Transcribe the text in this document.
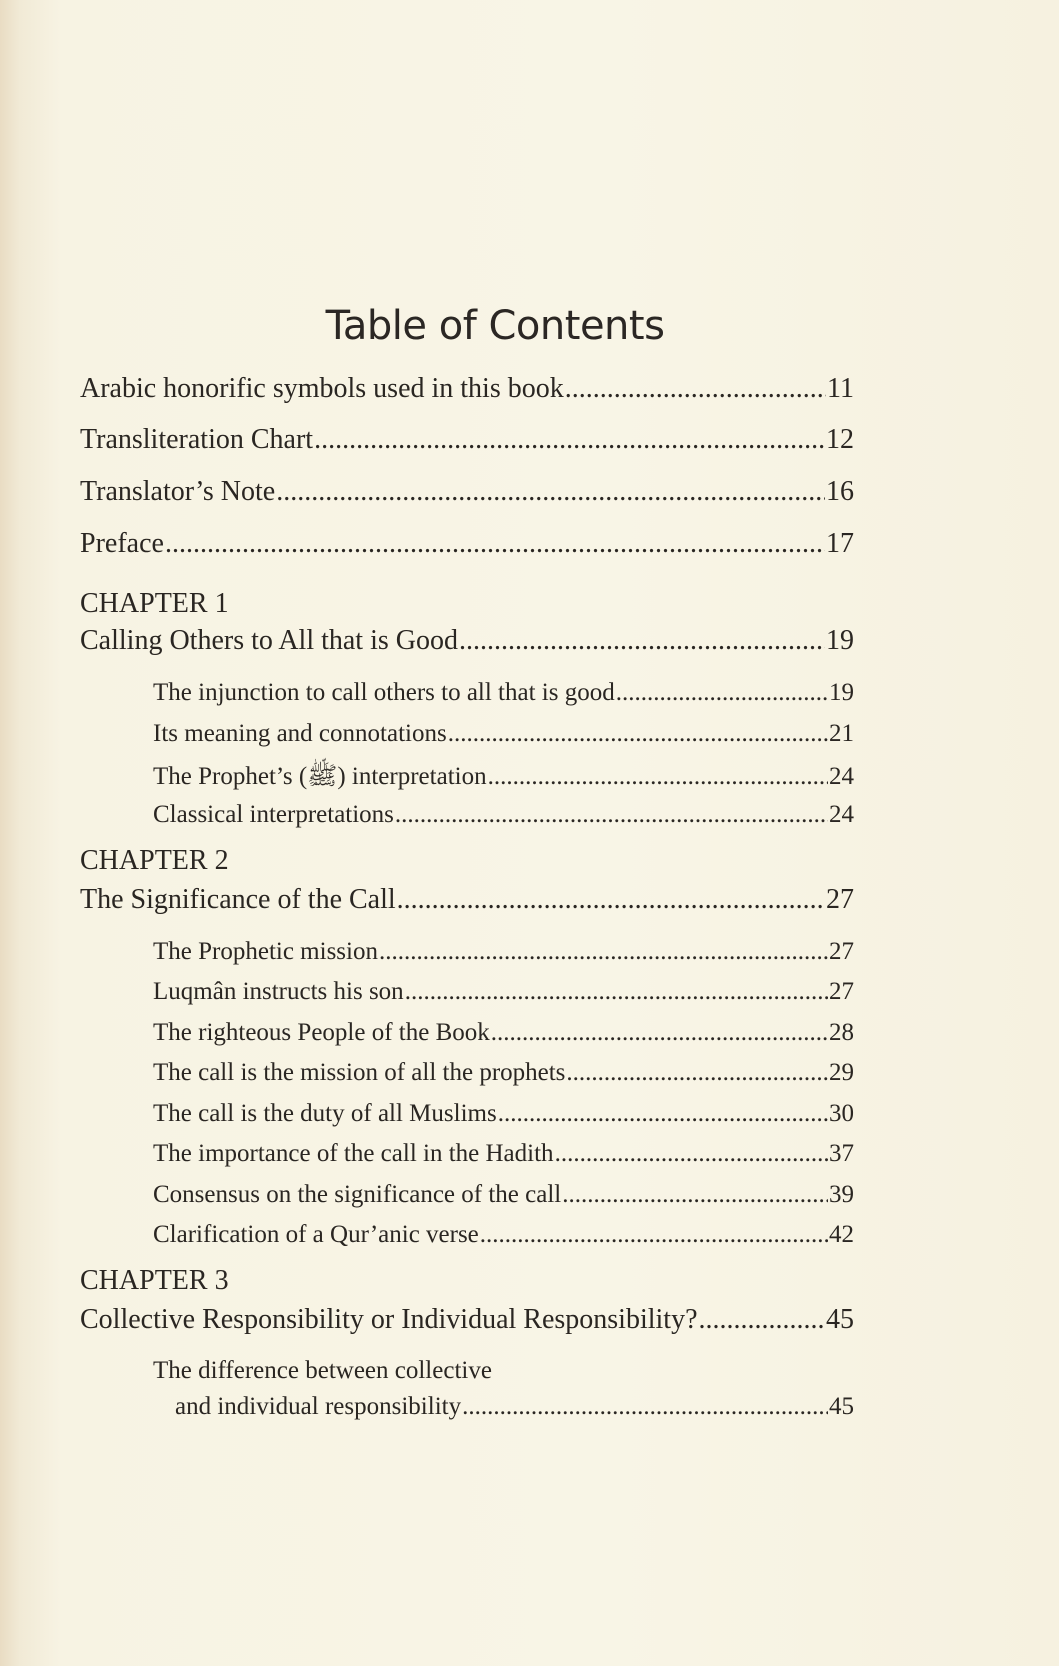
Table of Contents
Arabic honorific symbols used in this book .....	11
Transliteration Chart .....	12
Translator’s Note .....	16
Preface .....	17
CHAPTER 1
Calling Others to All that is Good .....	19
The injunction to call others to all that is good .....	19
Its meaning and connotations .....	21
The Prophet’s (ﷺ) interpretation .....	24
Classical interpretations .....	24
CHAPTER 2
The Significance of the Call .....	27
The Prophetic mission .....	27
Luqmân instructs his son .....	27
The righteous People of the Book .....	28
The call is the mission of all the prophets .....	29
The call is the duty of all Muslims .....	30
The importance of the call in the Hadith .....	37
Consensus on the significance of the call .....	39
Clarification of a Qur’anic verse .....	42
CHAPTER 3
Collective Responsibility or Individual Responsibility? .....	45
The difference between collective
and individual responsibility .....	45
